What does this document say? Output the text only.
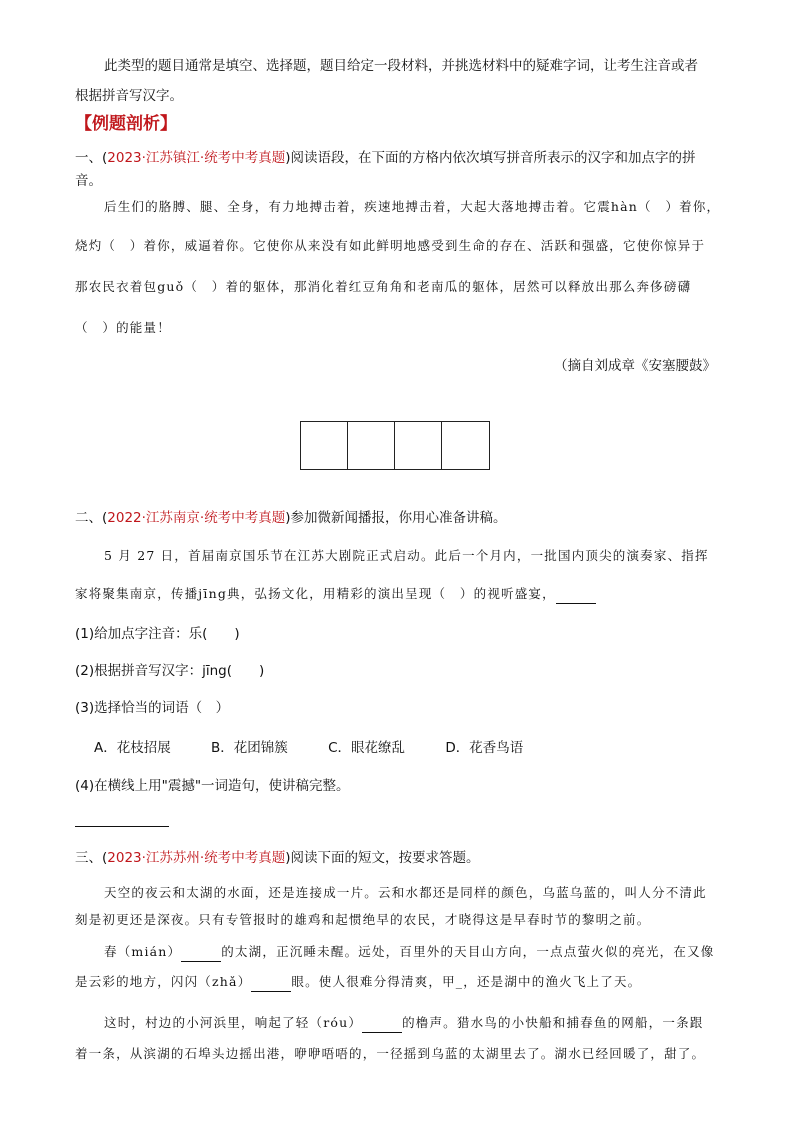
此类型的题目通常是填空、选择题，题目给定一段材料，并挑选材料中的疑难字词，让考生注音或者
根据拼音写汉字。
【例题剖析】
一、(2023·江苏镇江·统考中考真题)阅读语段，在下面的方格内依次填写拼音所表示的汉字和加点字的拼
音。
后生们的胳膊、腿、全身，有力地搏击着，疾速地搏击着，大起大落地搏击着。它震hàn（　）着你，
烧灼（　）着你，威逼着你。它使你从来没有如此鲜明地感受到生命的存在、活跃和强盛，它使你惊异于
那农民衣着包guǒ（　）着的躯体，那消化着红豆角角和老南瓜的躯体，居然可以释放出那么奔侈磅礴
（　）的能量！
（摘自刘成章《安塞腰鼓》
二、(2022·江苏南京·统考中考真题)参加微新闻播报，你用心准备讲稿。
5 月 27 日，首届南京国乐节在江苏大剧院正式启动。此后一个月内，一批国内顶尖的演奏家、指挥
家将聚集南京，传播jīng典，弘扬文化，用精彩的演出呈现（　）的视听盛宴，
(1)给加点字注音：乐(　　)
(2)根据拼音写汉字：jīng(　　)
(3)选择恰当的词语（　）
A．花枝招展	B．花团锦簇	C．眼花缭乱	D．花香鸟语
(4)在横线上用"震撼"一词造句，使讲稿完整。
三、(2023·江苏苏州·统考中考真题)阅读下面的短文，按要求答题。
天空的夜云和太湖的水面，还是连接成一片。云和水都还是同样的颜色，乌蓝乌蓝的，叫人分不清此
刻是初更还是深夜。只有专管报时的雄鸡和起惯绝早的农民，才晓得这是早春时节的黎明之前。
春（mián）	的太湖，正沉睡未醒。远处，百里外的天目山方向，一点点萤火似的亮光，在又像
是云彩的地方，闪闪（zhǎ）	眼。使人很难分得清爽，甲_，还是湖中的渔火飞上了天。
这时，村边的小河浜里，响起了轻（róu）	的橹声。猎水鸟的小快船和捕春鱼的网船，一条跟
着一条，从滨湖的石埠头边摇出港，咿咿唔唔的，一径摇到乌蓝的太湖里去了。湖水已经回暖了，甜了。
